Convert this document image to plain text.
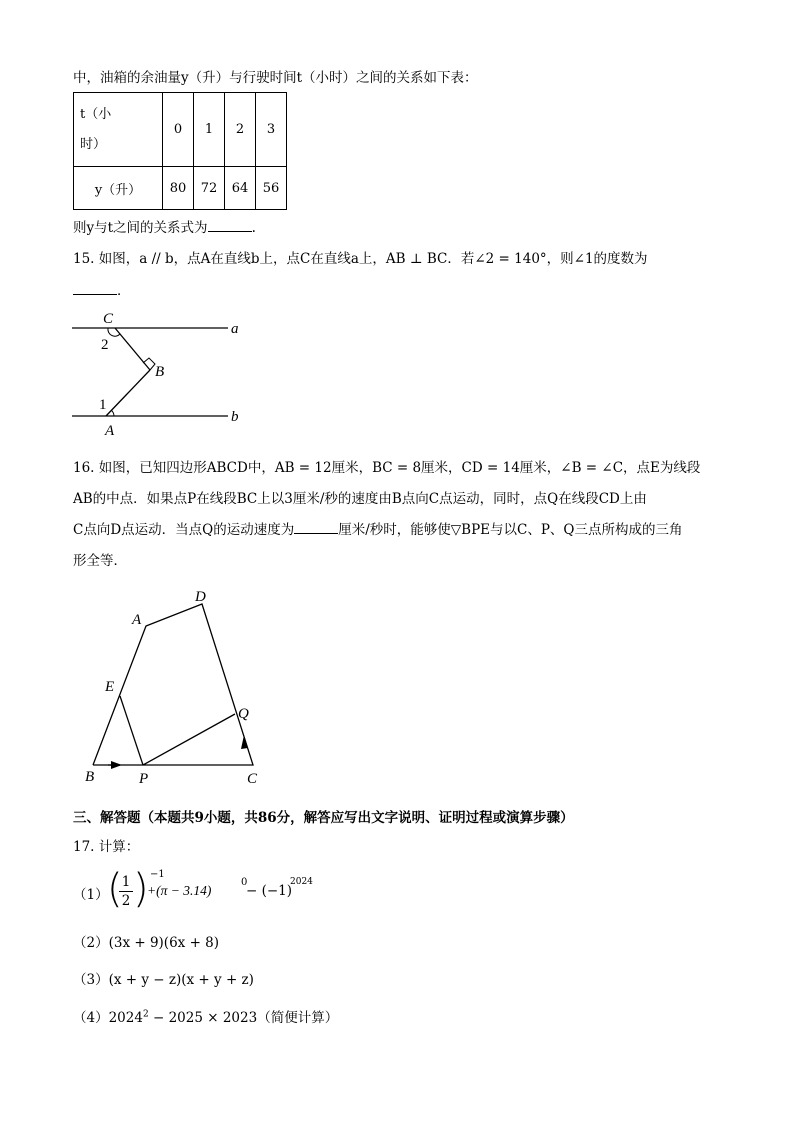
中，油箱的余油量y（升）与行驶时间t（小时）之间的关系如下表：
t（小
时）	0	1	2	3
y（升）	80	72	64	56
则y与t之间的关系式为	.
15. 如图，a // b，点A在直线b上，点C在直线a上，AB ⊥ BC．若∠2 = 140°，则∠1的度数为
．
C
a
2
B
1
b
A
16. 如图，已知四边形ABCD中，AB = 12厘米，BC = 8厘米，CD = 14厘米，∠B = ∠C，点E为线段
AB的中点．如果点P在线段BC上以3厘米/秒的速度由B点向C点运动，同时，点Q在线段CD上由
C点向D点运动．当点Q的运动速度为	厘米/秒时，能够使▽BPE与以C、P、Q三点所构成的三角
形全等．
A
D
E
Q
B	P	C
三、解答题（本题共9小题，共86分，解答应写出文字说明、证明过程或演算步骤）
17. 计算：
（1）
( 1
2 ) −1
+(π − 3.14)
0
− (−1)
2024
（2）(3x + 9)(6x + 8)
（3）(x + y − z)(x + y + z)
$(4)2024^2 - 2025 \times 2023$（简便计算）
